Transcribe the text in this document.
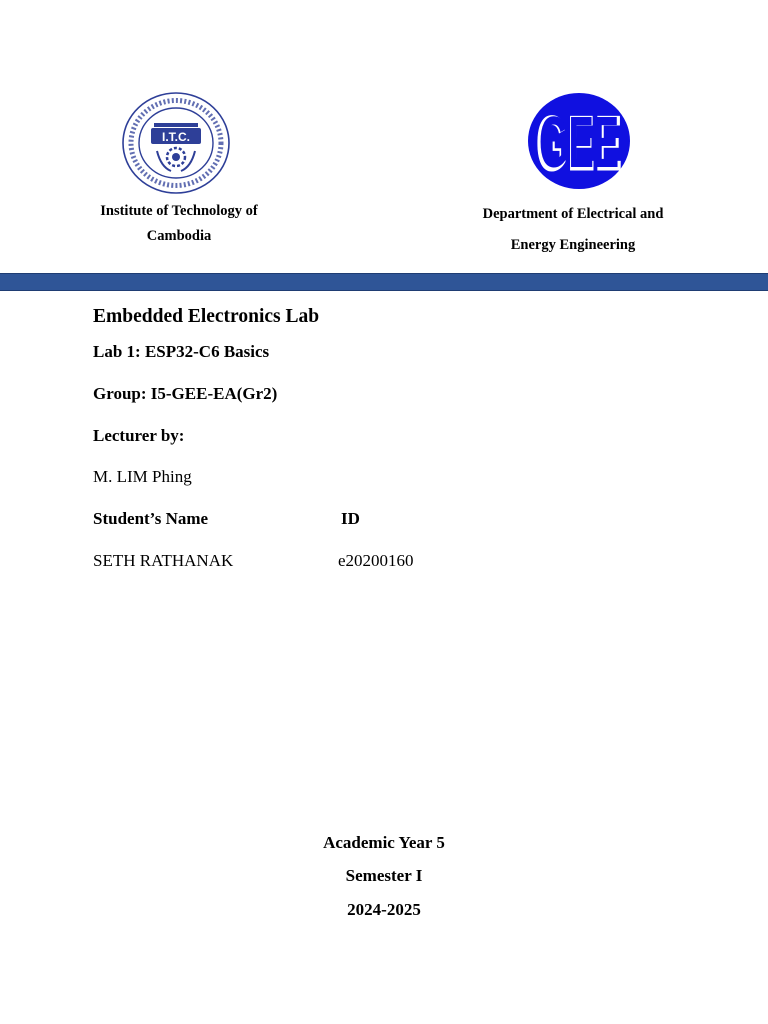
I.T.C.	GEE
GEE
Institute of Technology of Cambodia
Department of Electrical and Energy Engineering
Embedded Electronics Lab
Lab 1: ESP32-C6 Basics
Group: I5-GEE-EA(Gr2)
Lecturer by:
M. LIM Phing
Student’s Name	ID
SETH RATHANAK	e20200160
Academic Year 5
Semester I
2024-2025
